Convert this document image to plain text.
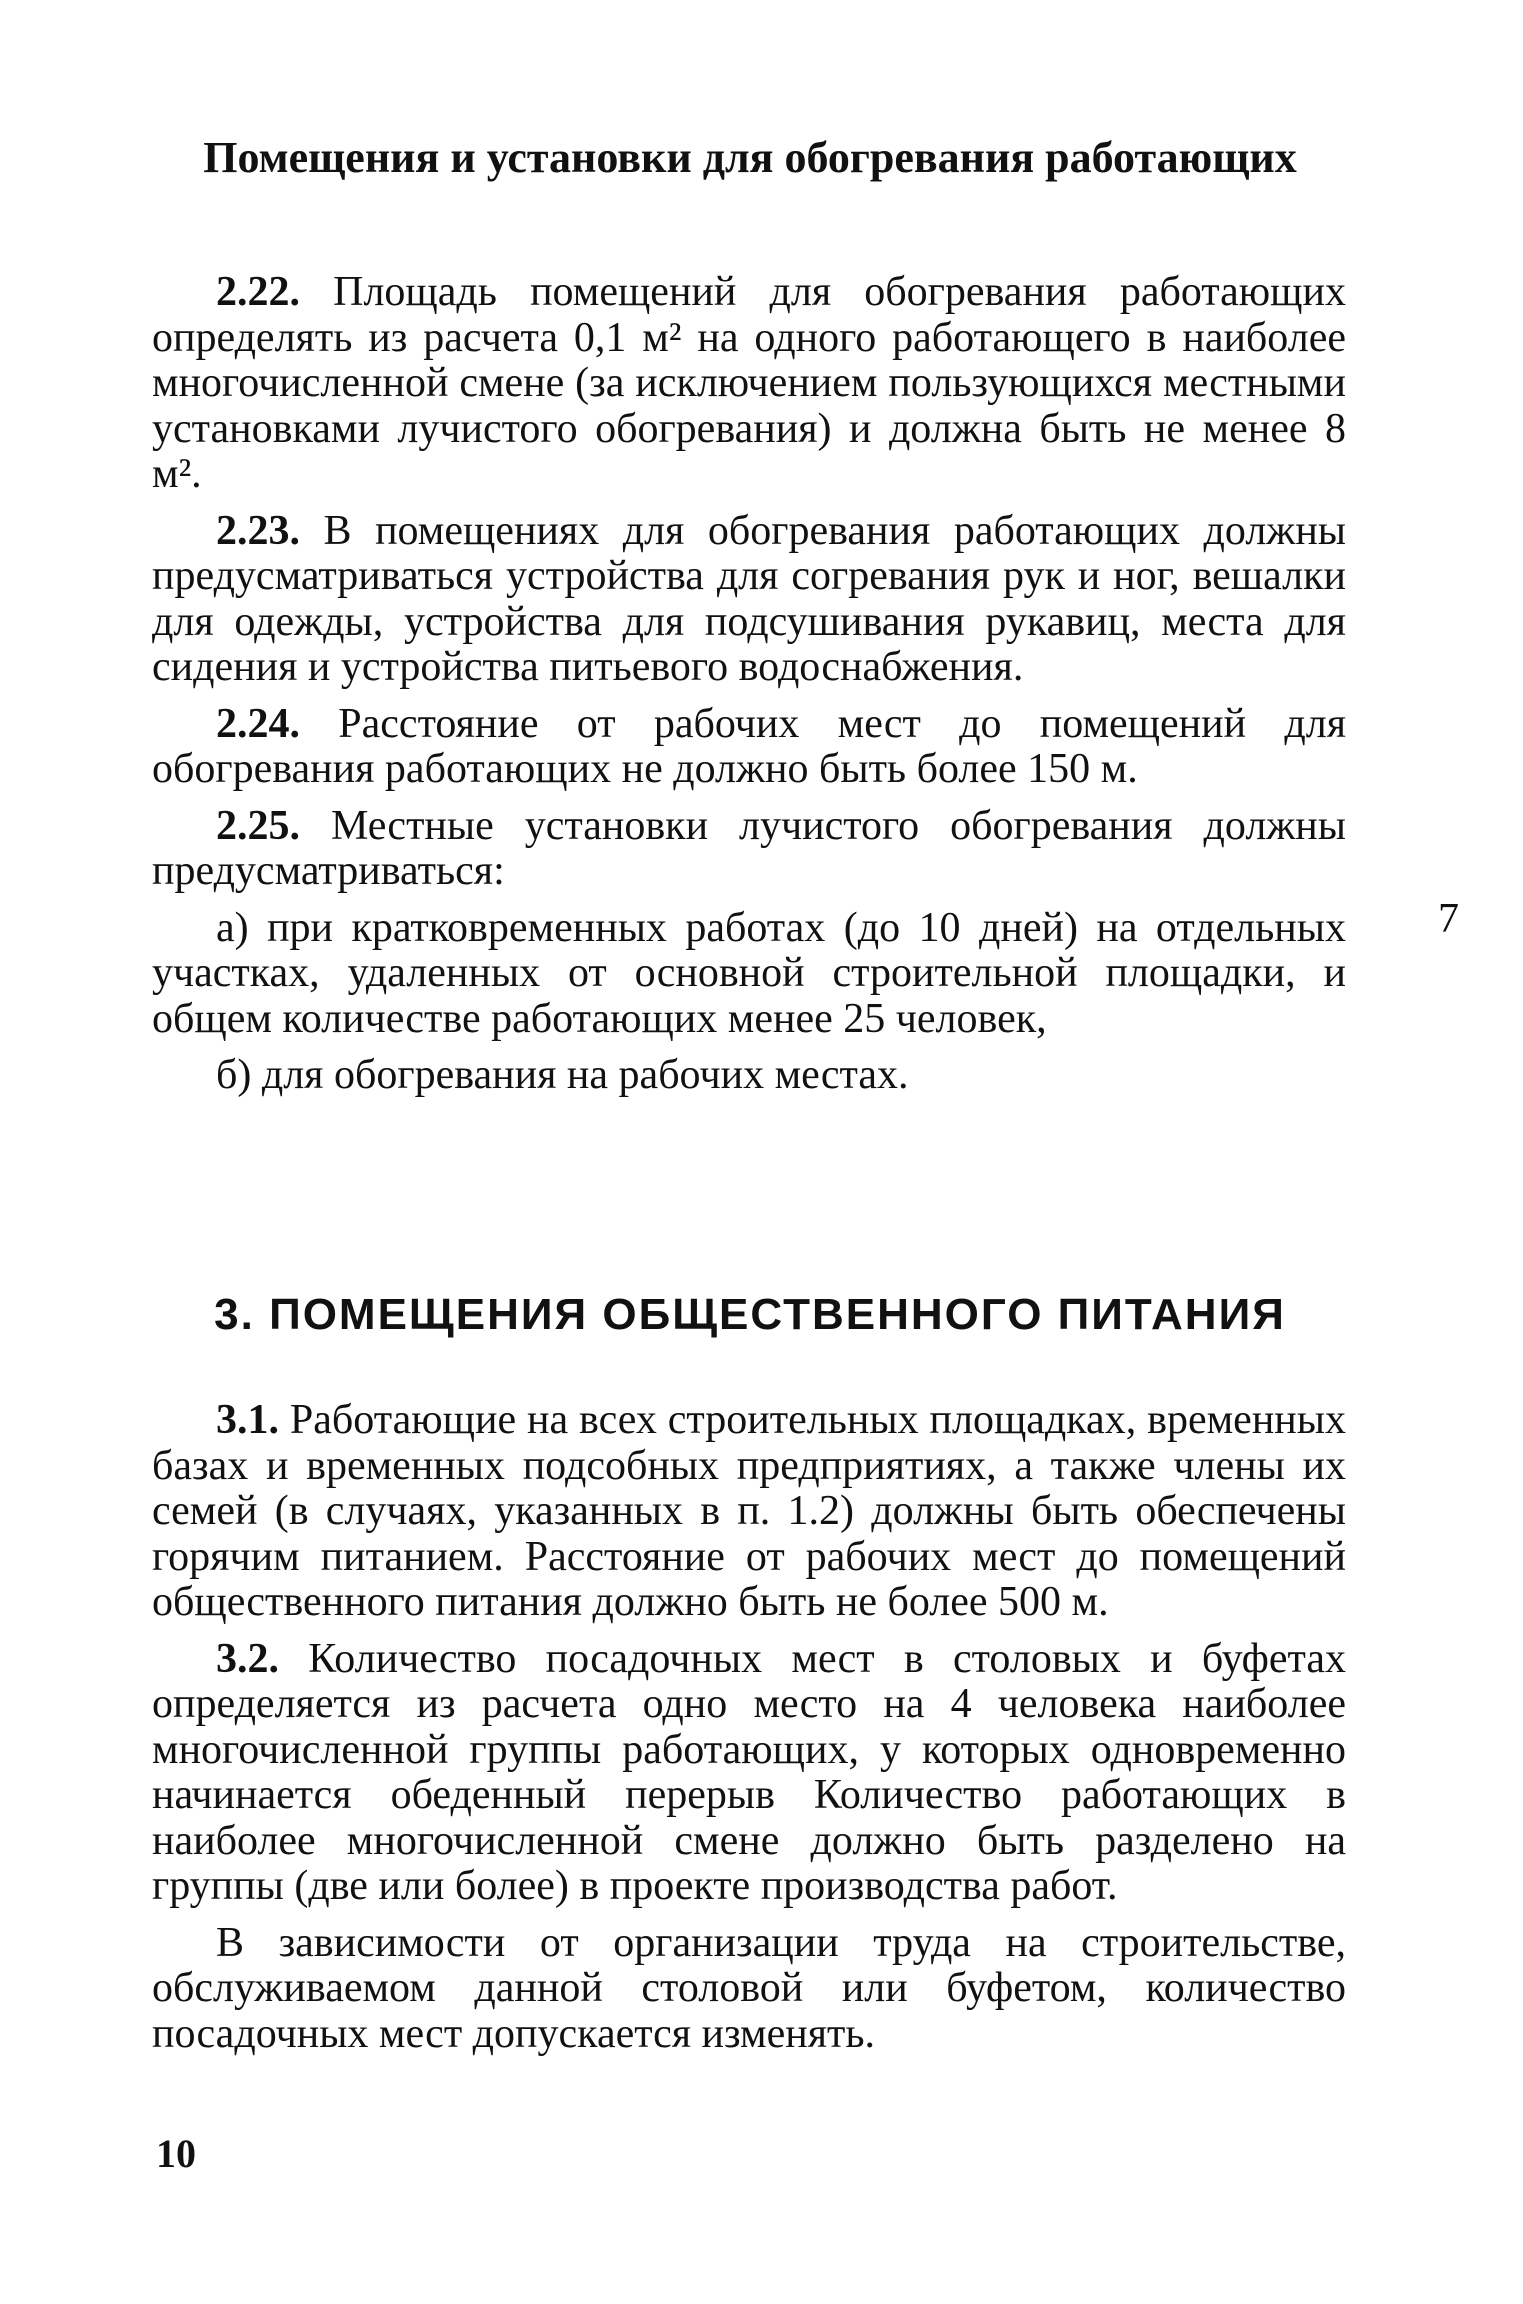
Помещения и установки для обогревания работающих

2.22. Площадь помещений для обогревания работающих определять из расчета 0,1 м² на одного работающего в наиболее многочисленной смене (за исключением пользующихся местными установками лучистого обогревания) и должна быть не менее 8 м².

2.23. В помещениях для обогревания работающих должны предусматриваться устройства для согревания рук и ног, вешалки для одежды, устройства для подсушивания рукавиц, места для сидения и устройства питьевого водоснабжения.

2.24. Расстояние от рабочих мест до помещений для обогревания работающих не должно быть более 150 м.

2.25. Местные установки лучистого обогревания должны предусматриваться:

а) при кратковременных работах (до 10 дней) на отдельных участках, удаленных от основной строительной площадки, и общем количестве работающих менее 25 человек,

б) для обогревания на рабочих местах.

7
3. ПОМЕЩЕНИЯ ОБЩЕСТВЕННОГО ПИТАНИЯ

3.1. Работающие на всех строительных площадках, временных базах и временных подсобных предприятиях, а также члены их семей (в случаях, указанных в п. 1.2) должны быть обеспечены горячим питанием. Расстояние от рабочих мест до помещений общественного питания должно быть не более 500 м.

3.2. Количество посадочных мест в столовых и буфетах определяется из расчета одно место на 4 человека наиболее многочисленной группы работающих, у которых одновременно начинается обеденный перерыв Количество работающих в наиболее многочисленной смене должно быть разделено на группы (две или более) в проекте производства работ.

В зависимости от организации труда на строительстве, обслуживаемом данной столовой или буфетом, количество посадочных мест допускается изменять.

10
